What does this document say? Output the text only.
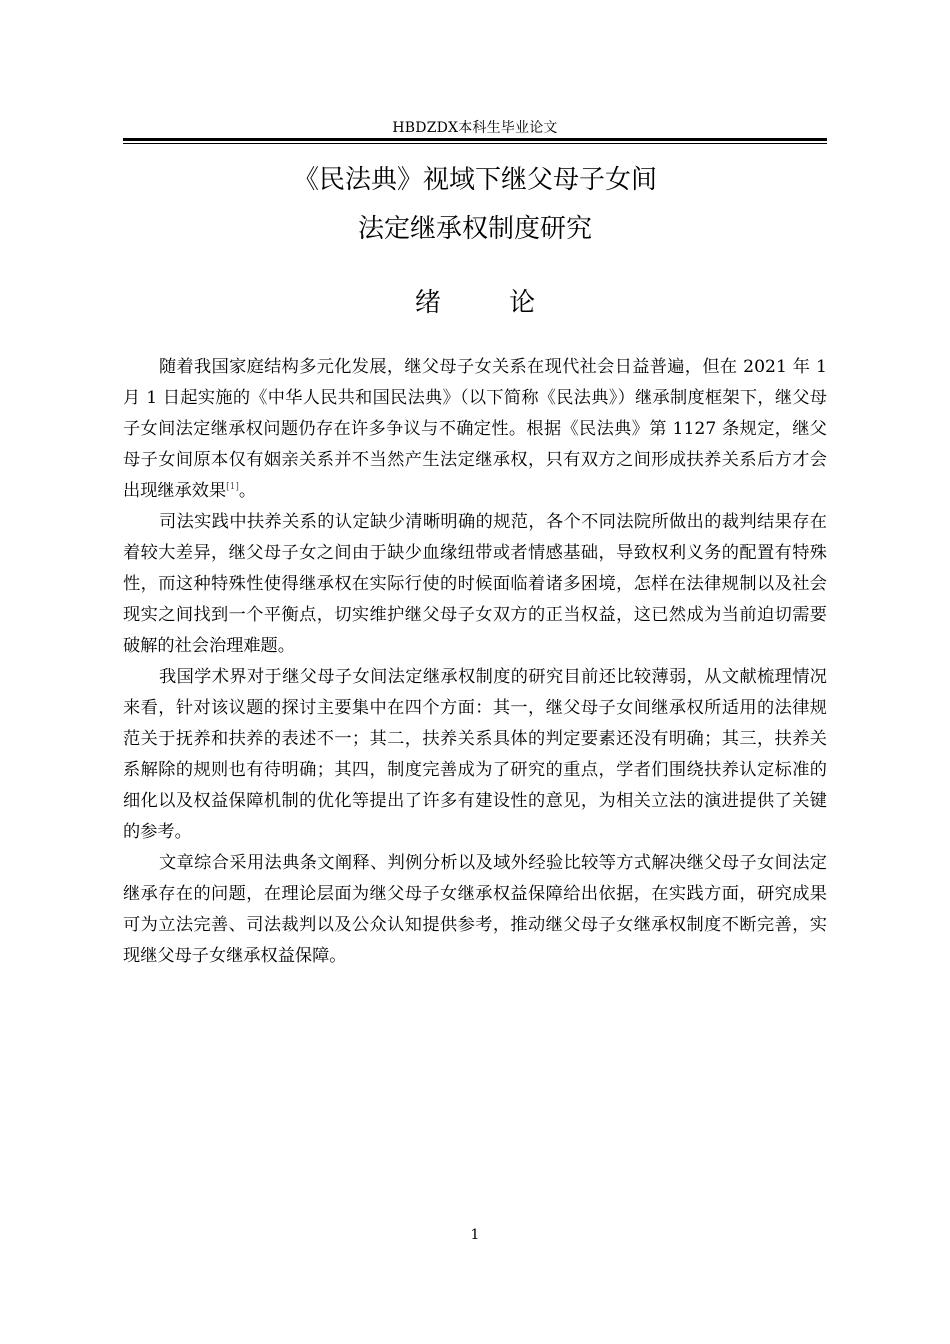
HBDZDX本科生毕业论文
《民法典》视域下继父母子女间
法定继承权制度研究
绪 论

随着我国家庭结构多元化发展，继父母子女关系在现代社会日益普遍，但在 2021 年 1 月 1 日起实施的《中华人民共和国民法典》（以下简称《民法典》）继承制度框架下，继父母子女间法定继承权问题仍存在许多争议与不确定性。根据《民法典》第 1127 条规定，继父母子女间原本仅有姻亲关系并不当然产生法定继承权，只有双方之间形成扶养关系后方才会出现继承效果[1]。

司法实践中扶养关系的认定缺少清晰明确的规范，各个不同法院所做出的裁判结果存在着较大差异，继父母子女之间由于缺少血缘纽带或者情感基础，导致权利义务的配置有特殊性，而这种特殊性使得继承权在实际行使的时候面临着诸多困境，怎样在法律规制以及社会现实之间找到一个平衡点，切实维护继父母子女双方的正当权益，这已然成为当前迫切需要破解的社会治理难题。

我国学术界对于继父母子女间法定继承权制度的研究目前还比较薄弱，从文献梳理情况来看，针对该议题的探讨主要集中在四个方面：其一，继父母子女间继承权所适用的法律规范关于抚养和扶养的表述不一；其二，扶养关系具体的判定要素还没有明确；其三，扶养关系解除的规则也有待明确；其四，制度完善成为了研究的重点，学者们围绕扶养认定标准的细化以及权益保障机制的优化等提出了许多有建设性的意见，为相关立法的演进提供了关键的参考。

文章综合采用法典条文阐释、判例分析以及域外经验比较等方式解决继父母子女间法定继承存在的问题，在理论层面为继父母子女继承权益保障给出依据，在实践方面，研究成果可为立法完善、司法裁判以及公众认知提供参考，推动继父母子女继承权制度不断完善，实现继父母子女继承权益保障。

1
